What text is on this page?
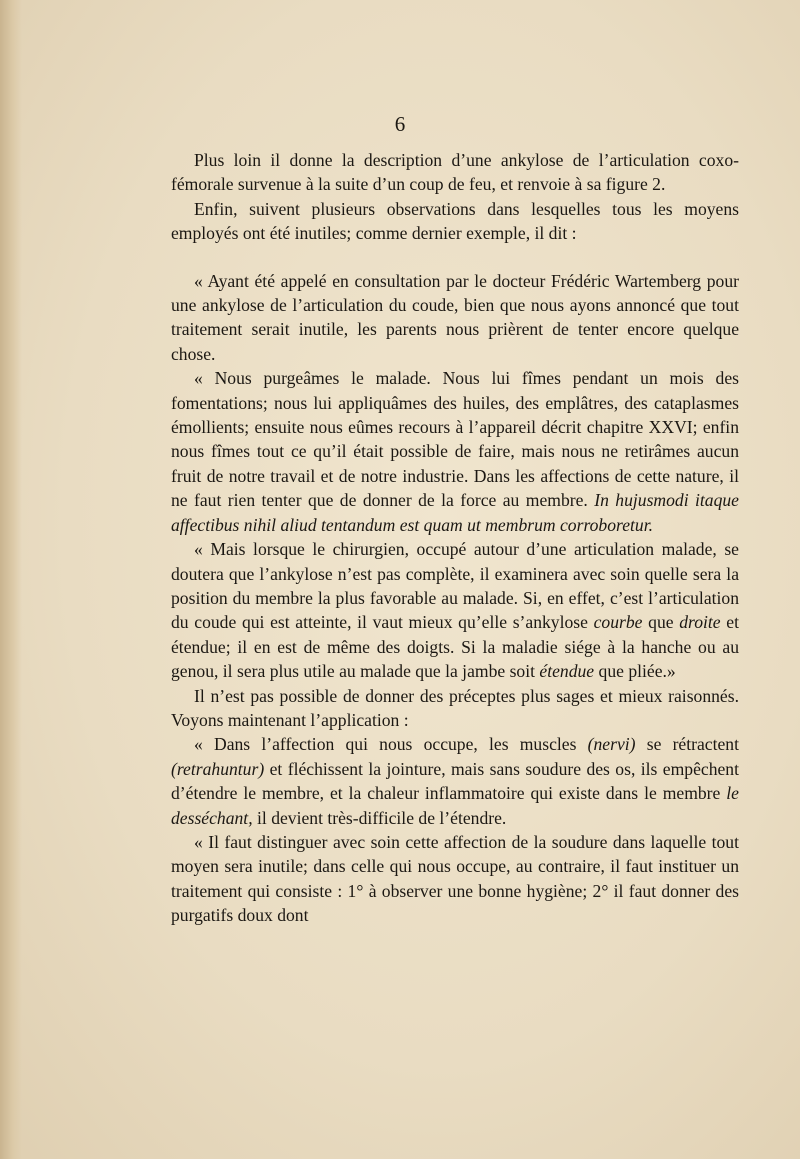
6

Plus loin il donne la description d’une ankylose de l’articulation coxo-fémorale survenue à la suite d’un coup de feu, et renvoie à sa figure 2.

Enfin, suivent plusieurs observations dans lesquelles tous les moyens employés ont été inutiles; comme dernier exemple, il dit :

« Ayant été appelé en consultation par le docteur Frédéric Wartemberg pour une ankylose de l’articulation du coude, bien que nous ayons annoncé que tout traitement serait inutile, les parents nous prièrent de tenter encore quelque chose.

« Nous purgeâmes le malade. Nous lui fîmes pendant un mois des fomentations; nous lui appliquâmes des huiles, des emplâtres, des cataplasmes émollients; ensuite nous eûmes recours à l’appareil décrit chapitre XXVI; enfin nous fîmes tout ce qu’il était possible de faire, mais nous ne retirâmes aucun fruit de notre travail et de notre industrie. Dans les affections de cette nature, il ne faut rien tenter que de donner de la force au membre. In hujusmodi itaque affectibus nihil aliud tentandum est quam ut membrum corroboretur.

« Mais lorsque le chirurgien, occupé autour d’une articulation malade, se doutera que l’ankylose n’est pas complète, il examinera avec soin quelle sera la position du membre la plus favorable au malade. Si, en effet, c’est l’articulation du coude qui est atteinte, il vaut mieux qu’elle s’ankylose courbe que droite et étendue; il en est de même des doigts. Si la maladie siége à la hanche ou au genou, il sera plus utile au malade que la jambe soit étendue que pliée.»

Il n’est pas possible de donner des préceptes plus sages et mieux raisonnés. Voyons maintenant l’application :

« Dans l’affection qui nous occupe, les muscles (nervi) se rétractent (retrahuntur) et fléchissent la jointure, mais sans soudure des os, ils empêchent d’étendre le membre, et la chaleur inflammatoire qui existe dans le membre le desséchant, il devient très-difficile de l’étendre.

« Il faut distinguer avec soin cette affection de la soudure dans laquelle tout moyen sera inutile; dans celle qui nous occupe, au contraire, il faut instituer un traitement qui consiste : 1° à observer une bonne hygiène; 2° il faut donner des purgatifs doux dont
